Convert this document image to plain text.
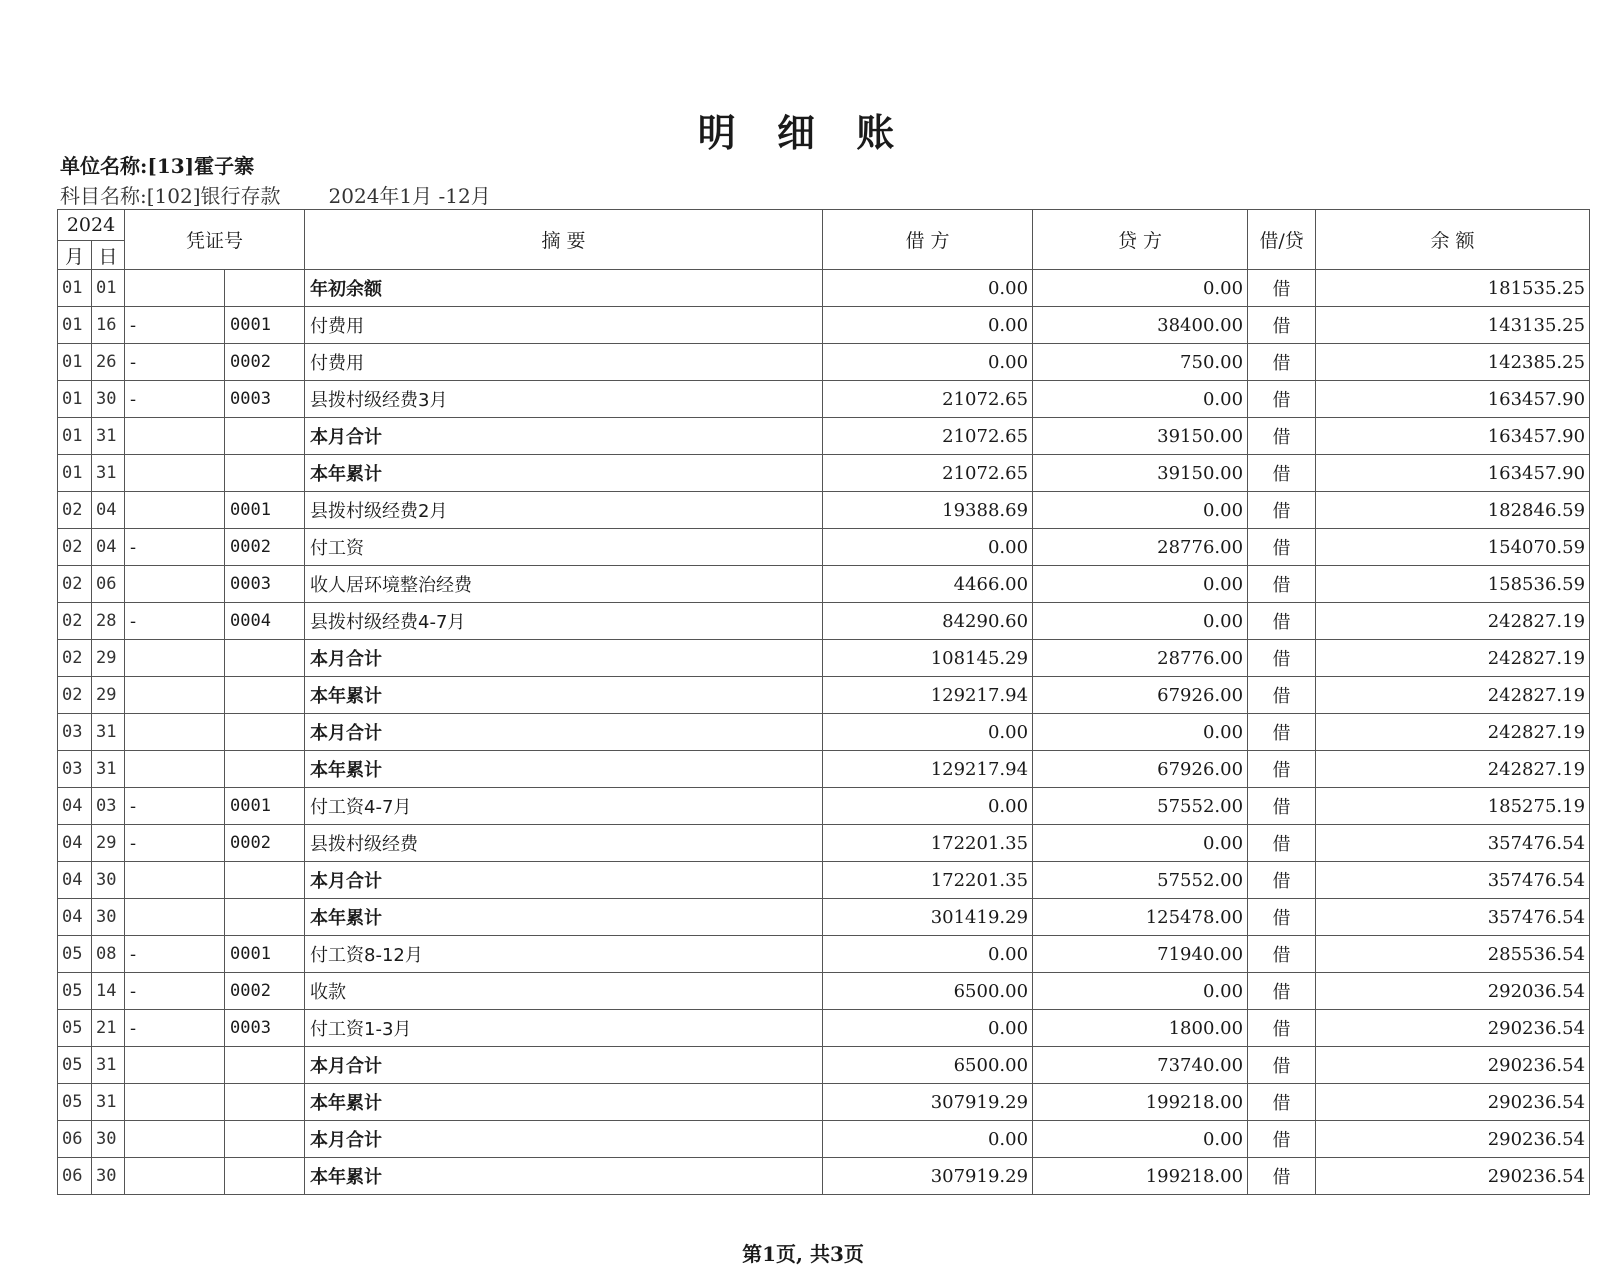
明 细 账
单位名称:[13]霍子寨
科目名称:[102]银行存款 2024年1月 -12月
2024		凭证号		摘 要	借 方	贷 方	借/贷	余 额
月	日							
01	01			年初余额	0.00	0.00	借	181535.25
01	16	-	0001	付费用	0.00	38400.00	借	143135.25
01	26	-	0002	付费用	0.00	750.00	借	142385.25
01	30	-	0003	县拨村级经费3月	21072.65	0.00	借	163457.90
01	31			本月合计	21072.65	39150.00	借	163457.90
01	31			本年累计	21072.65	39150.00	借	163457.90
02	04		0001	县拨村级经费2月	19388.69	0.00	借	182846.59
02	04	-	0002	付工资	0.00	28776.00	借	154070.59
02	06		0003	收人居环境整治经费	4466.00	0.00	借	158536.59
02	28	-	0004	县拨村级经费4-7月	84290.60	0.00	借	242827.19
02	29			本月合计	108145.29	28776.00	借	242827.19
02	29			本年累计	129217.94	67926.00	借	242827.19
03	31			本月合计	0.00	0.00	借	242827.19
03	31			本年累计	129217.94	67926.00	借	242827.19
04	03	-	0001	付工资4-7月	0.00	57552.00	借	185275.19
04	29	-	0002	县拨村级经费	172201.35	0.00	借	357476.54
04	30			本月合计	172201.35	57552.00	借	357476.54
04	30			本年累计	301419.29	125478.00	借	357476.54
05	08	-	0001	付工资8-12月	0.00	71940.00	借	285536.54
05	14	-	0002	收款	6500.00	0.00	借	292036.54
05	21	-	0003	付工资1-3月	0.00	1800.00	借	290236.54
05	31			本月合计	6500.00	73740.00	借	290236.54
05	31			本年累计	307919.29	199218.00	借	290236.54
06	30			本月合计	0.00	0.00	借	290236.54
06	30			本年累计	307919.29	199218.00	借	290236.54
第1页, 共3页
